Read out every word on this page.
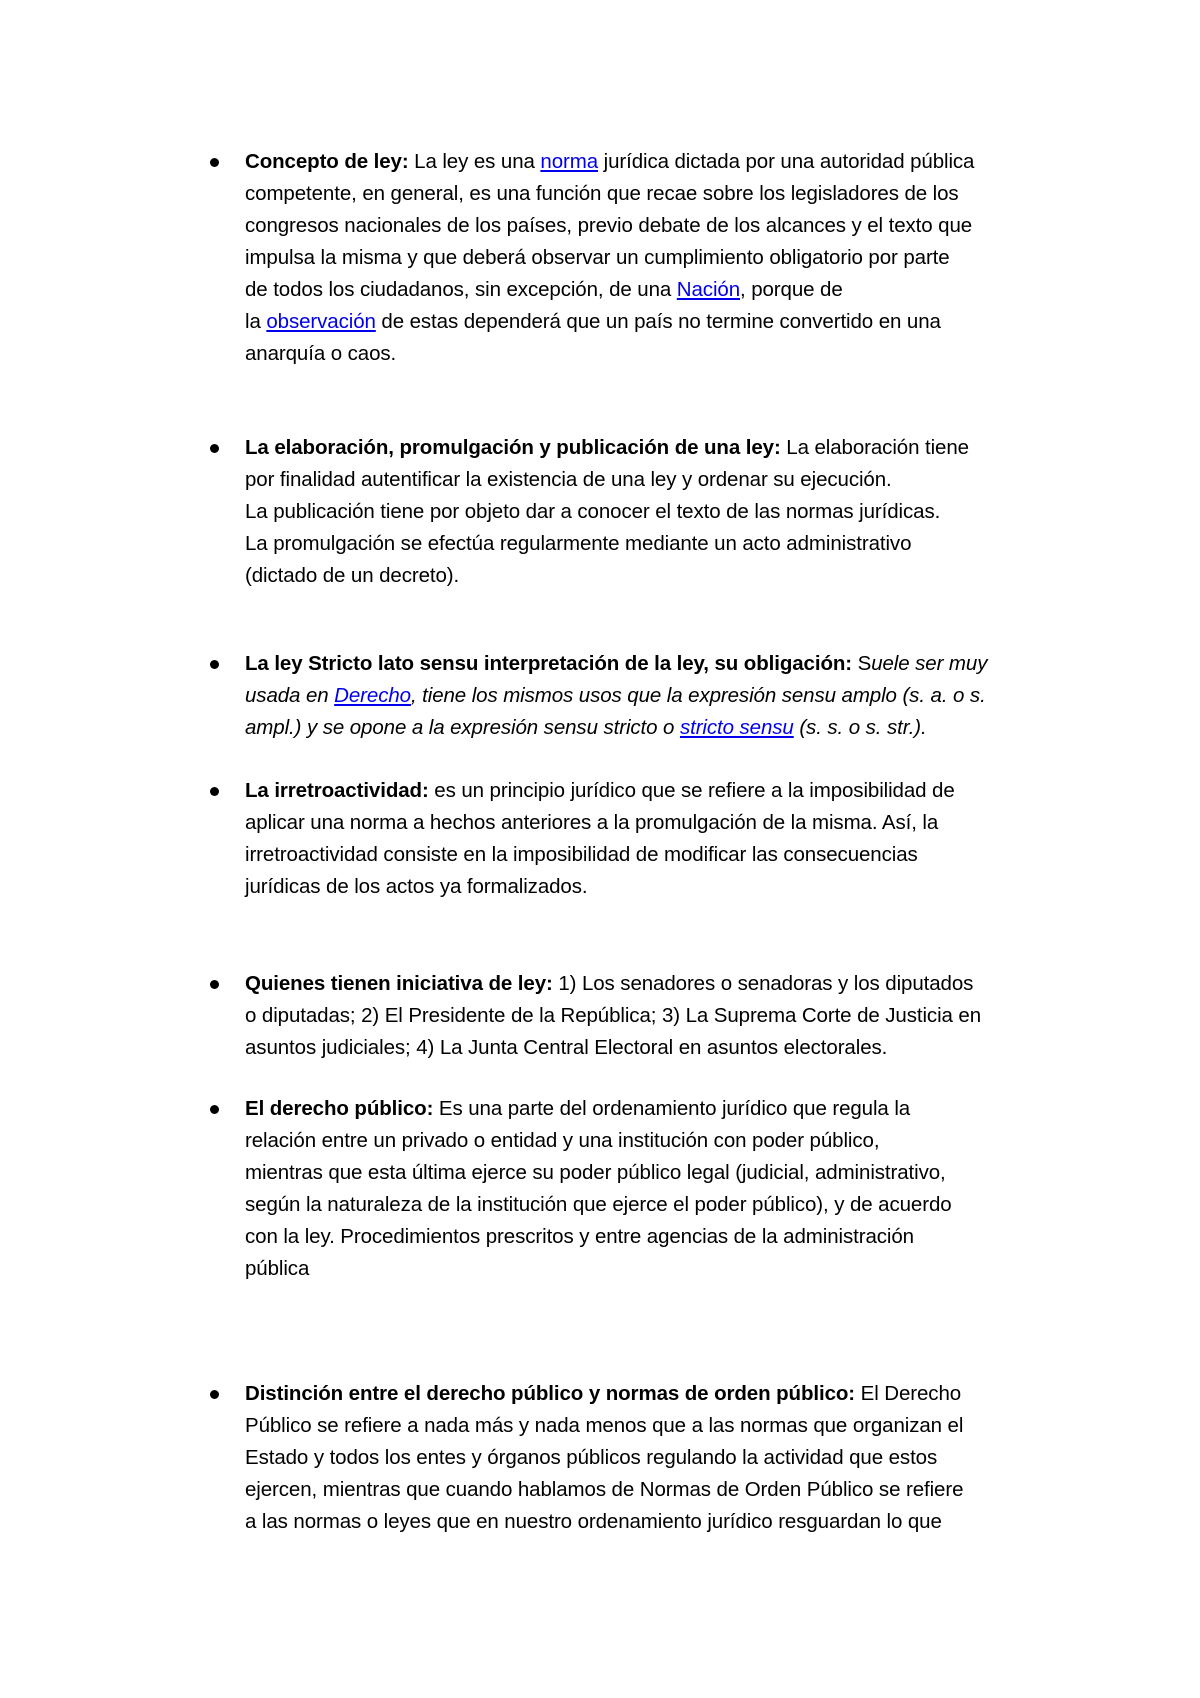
Concepto de ley: La ley es una norma jurídica dictada por una autoridad pública
competente, en general, es una función que recae sobre los legisladores de los
congresos nacionales de los países, previo debate de los alcances y el texto que
impulsa la misma y que deberá observar un cumplimiento obligatorio por parte
de todos los ciudadanos, sin excepción, de una Nación, porque de
la observación de estas dependerá que un país no termine convertido en una
anarquía o caos.
La elaboración, promulgación y publicación de una ley: La elaboración tiene
por finalidad autentificar la existencia de una ley y ordenar su ejecución.
La publicación tiene por objeto dar a conocer el texto de las normas jurídicas.
La promulgación se efectúa regularmente mediante un acto administrativo
(dictado de un decreto).
La ley Stricto lato sensu interpretación de la ley, su obligación: Suele ser muy
usada en Derecho, tiene los mismos usos que la expresión sensu amplo (s. a. o s.
ampl.) y se opone a la expresión sensu stricto o stricto sensu (s. s. o s. str.).
La irretroactividad: es un principio jurídico que se refiere a la imposibilidad de
aplicar una norma a hechos anteriores a la promulgación de la misma. Así, la
irretroactividad consiste en la imposibilidad de modificar las consecuencias
jurídicas de los actos ya formalizados.
Quienes tienen iniciativa de ley: 1) Los senadores o senadoras y los diputados
o diputadas; 2) El Presidente de la República; 3) La Suprema Corte de Justicia en
asuntos judiciales; 4) La Junta Central Electoral en asuntos electorales.
El derecho público: Es una parte del ordenamiento jurídico que regula la
relación entre un privado o entidad y una institución con poder público,
mientras que esta última ejerce su poder público legal (judicial, administrativo,
según la naturaleza de la institución que ejerce el poder público), y de acuerdo
con la ley. Procedimientos prescritos y entre agencias de la administración
pública
Distinción entre el derecho público y normas de orden público: El Derecho
Público se refiere a nada más y nada menos que a las normas que organizan el
Estado y todos los entes y órganos públicos regulando la actividad que estos
ejercen, mientras que cuando hablamos de Normas de Orden Público se refiere
a las normas o leyes que en nuestro ordenamiento jurídico resguardan lo que
